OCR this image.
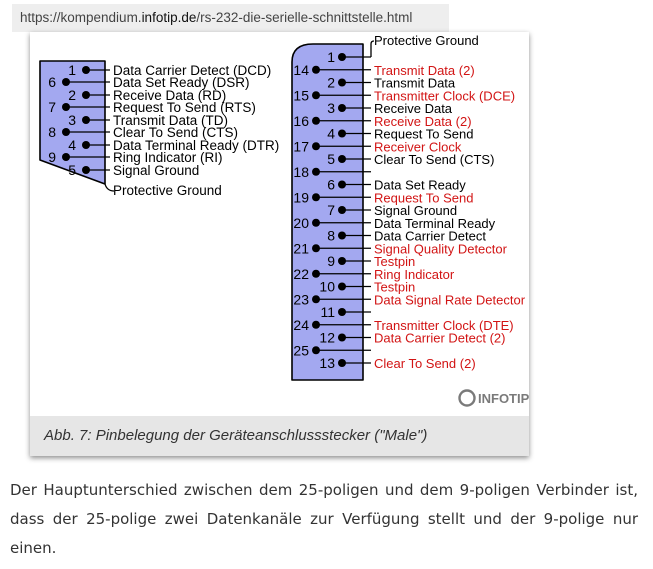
https://kompendium.infotip.de/rs-232-die-serielle-schnittstelle.html
1	Data Carrier Detect (DCD)
6	Data Set Ready (DSR)
2	Receive Data (RD)
7	Request To Send (RTS)
3	Transmit Data (TD)
8	Clear To Send (CTS)
4	Data Terminal Ready (DTR)
9	Ring Indicator (RI)
5	Signal Ground
Protective Ground
1
14	Transmit Data (2)
2	Transmit Data
15	Transmitter Clock (DCE)
3	Receive Data
16	Receive Data (2)
4	Request To Send
17	Receiver Clock
5	Clear To Send (CTS)
18
6	Data Set Ready
19	Request To Send
7	Signal Ground
20	Data Terminal Ready
8	Data Carrier Detect
21	Signal Quality Detector
9	Testpin
22	Ring Indicator
10	Testpin
23	Data Signal Rate Detector
11
24	Transmitter Clock (DTE)
12	Data Carrier Detect (2)
25
13	Clear To Send (2)
Protective Ground
INFOTIP
Abb. 7: Pinbelegung der Geräteanschlussstecker ("Male")

Der Hauptunterschied zwischen dem 25-poligen und dem 9-poligen Verbinder ist, dass der 25-polige zwei Datenkanäle zur Verfügung stellt und der 9-polige nur einen.
